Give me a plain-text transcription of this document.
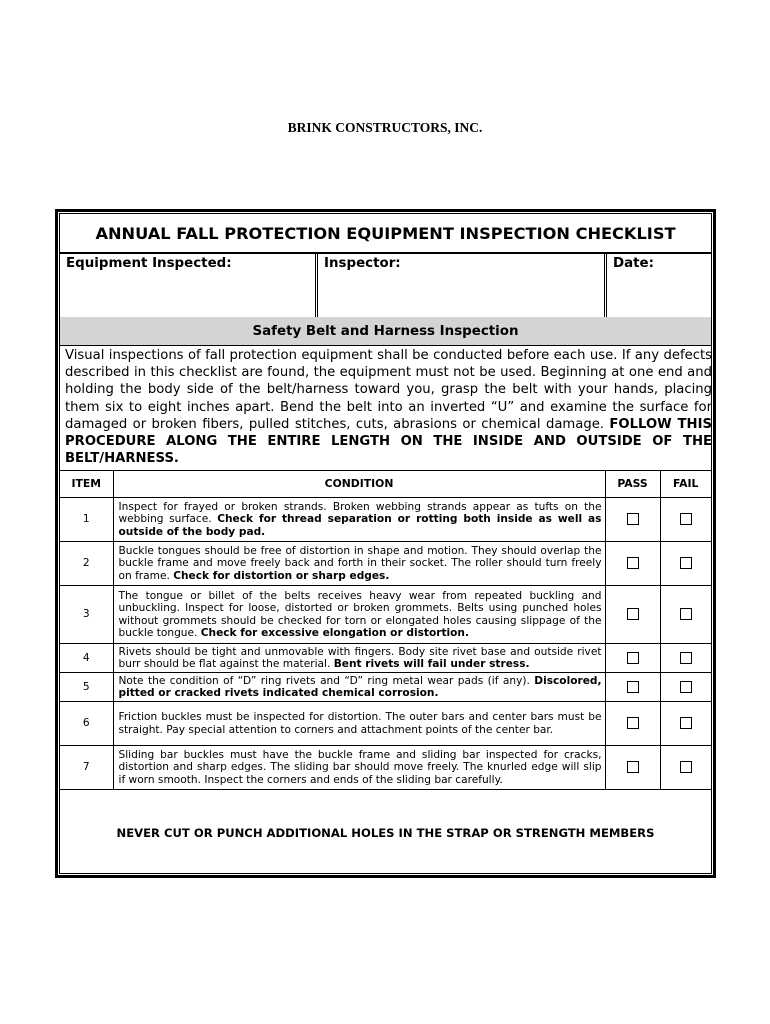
BRINK CONSTRUCTORS, INC.
ANNUAL FALL PROTECTION EQUIPMENT INSPECTION CHECKLIST
Equipment Inspected:	Inspector:	Date:
Safety Belt and Harness Inspection
Visual inspections of fall protection equipment shall be conducted before each use. If any defects described in this checklist are found, the equipment must not be used. Beginning at one end and holding the body side of the belt/harness toward you, grasp the belt with your hands, placing them six to eight inches apart. Bend the belt into an inverted “U” and examine the surface for damaged or broken fibers, pulled stitches, cuts, abrasions or chemical damage. FOLLOW THIS PROCEDURE ALONG THE ENTIRE LENGTH ON THE INSIDE AND OUTSIDE OF THE BELT/HARNESS.
ITEM	CONDITION	PASS	FAIL
1	Inspect for frayed or broken strands. Broken webbing strands appear as tufts on the webbing surface. Check for thread separation or rotting both inside as well as outside of the body pad.		
2	Buckle tongues should be free of distortion in shape and motion. They should overlap the buckle frame and move freely back and forth in their socket. The roller should turn freely on frame. Check for distortion or sharp edges.		
3	The tongue or billet of the belts receives heavy wear from repeated buckling and unbuckling. Inspect for loose, distorted or broken grommets. Belts using punched holes without grommets should be checked for torn or elongated holes causing slippage of the buckle tongue. Check for excessive elongation or distortion.		
4	Rivets should be tight and unmovable with fingers. Body site rivet base and outside rivet burr should be flat against the material. Bent rivets will fail under stress.		
5	Note the condition of “D” ring rivets and “D” ring metal wear pads (if any). Discolored, pitted or cracked rivets indicated chemical corrosion.		
6	Friction buckles must be inspected for distortion. The outer bars and center bars must be straight. Pay special attention to corners and attachment points of the center bar.		
7	Sliding bar buckles must have the buckle frame and sliding bar inspected for cracks, distortion and sharp edges. The sliding bar should move freely. The knurled edge will slip if worn smooth. Inspect the corners and ends of the sliding bar carefully.		
NEVER CUT OR PUNCH ADDITIONAL HOLES IN THE STRAP OR STRENGTH MEMBERS
